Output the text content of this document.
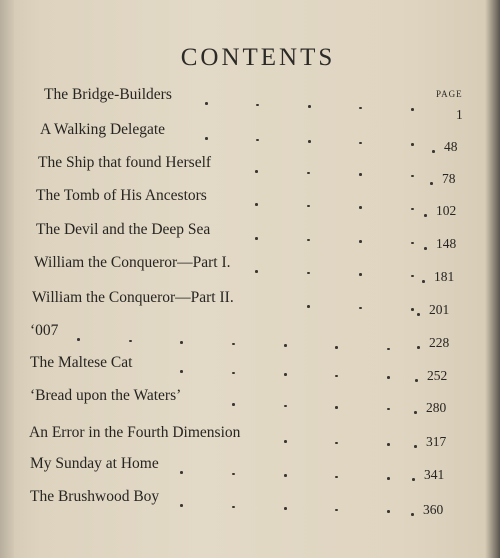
CONTENTS
PAGE
The Bridge-Builders
1
A Walking Delegate
48
The Ship that found Herself
78
The Tomb of His Ancestors
102
The Devil and the Deep Sea
148
William the Conqueror—Part I.
181
William the Conqueror—Part II.
201
‘007
228
The Maltese Cat
252
‘Bread upon the Waters’
280
An Error in the Fourth Dimension
317
My Sunday at Home
341
The Brushwood Boy
360
